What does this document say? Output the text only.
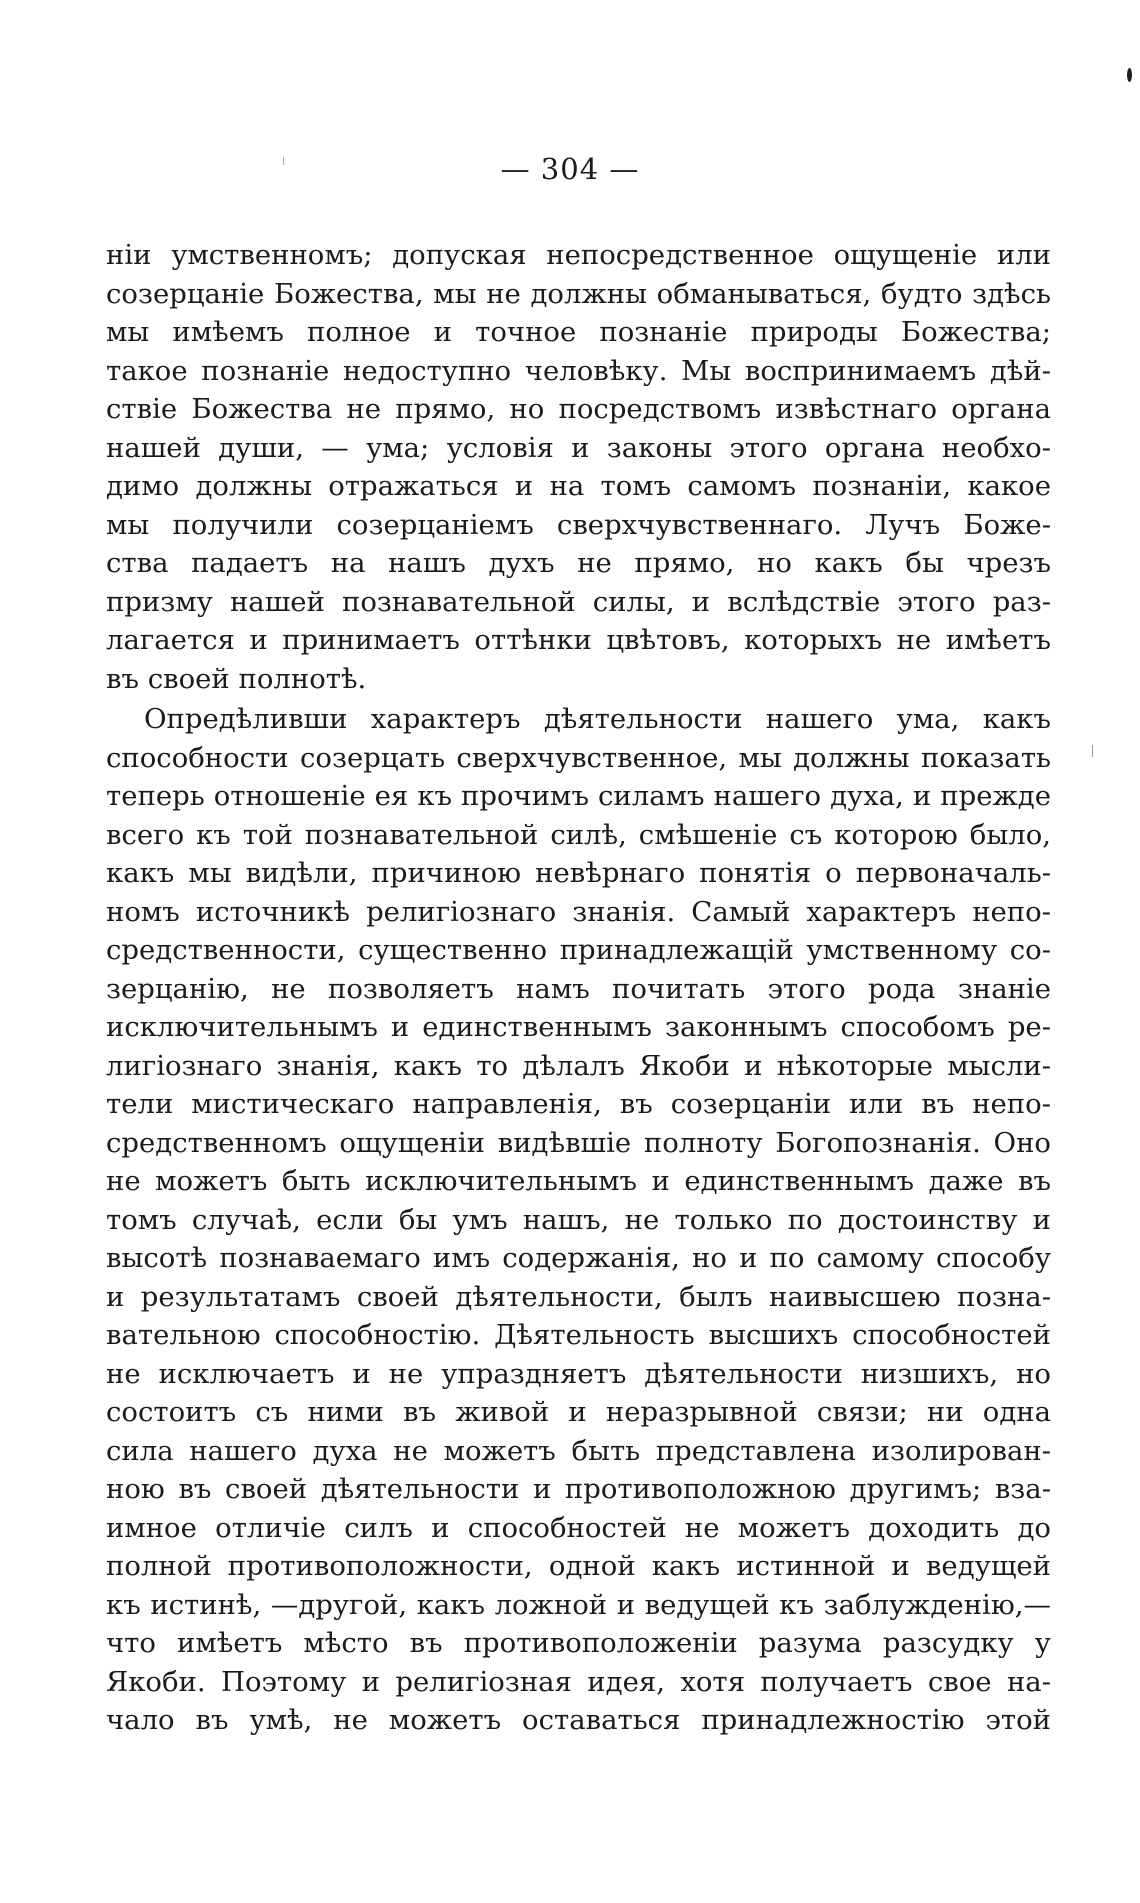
— 304 —
ніи умственномъ; допуская непосредственное ощущеніе или
созерцаніе Божества, мы не должны обманываться, будто здѣсь
мы имѣемъ полное и точное познаніе природы Божества;
такое познаніе недоступно человѣку. Мы воспринимаемъ дѣй-
ствіе Божества не прямо, но посредствомъ извѣстнаго органа
нашей души, — ума; условія и законы этого органа необхо-
димо должны отражаться и на томъ самомъ познаніи, какое
мы получили созерцаніемъ сверхчувственнаго. Лучъ Боже-
ства падаетъ на нашъ духъ не прямо, но какъ бы чрезъ
призму нашей познавательной силы, и вслѣдствіе этого раз-
лагается и принимаетъ оттѣнки цвѣтовъ, которыхъ не имѣетъ
въ своей полнотѣ.
Опредѣливши характеръ дѣятельности нашего ума, какъ
способности созерцать сверхчувственное, мы должны показать
теперь отношеніе ея къ прочимъ силамъ нашего духа, и прежде
всего къ той познавательной силѣ, смѣшеніе съ которою было,
какъ мы видѣли, причиною невѣрнаго понятія о первоначаль-
номъ источникѣ религіознаго знанія. Самый характеръ непо-
средственности, существенно принадлежащій умственному со-
зерцанію, не позволяетъ намъ почитать этого рода знаніе
исключительнымъ и единственнымъ законнымъ способомъ ре-
лигіознаго знанія, какъ то дѣлалъ Якоби и нѣкоторые мысли-
тели мистическаго направленія, въ созерцаніи или въ непо-
средственномъ ощущеніи видѣвшіе полноту Богопознанія. Оно
не можетъ быть исключительнымъ и единственнымъ даже въ
томъ случаѣ, если бы умъ нашъ, не только по достоинству и
высотѣ познаваемаго имъ содержанія, но и по самому способу
и результатамъ своей дѣятельности, былъ наивысшею позна-
вательною способностію. Дѣятельность высшихъ способностей
не исключаетъ и не упраздняетъ дѣятельности низшихъ, но
состоитъ съ ними въ живой и неразрывной связи; ни одна
сила нашего духа не можетъ быть представлена изолирован-
ною въ своей дѣятельности и противоположною другимъ; вза-
имное отличіе силъ и способностей не можетъ доходить до
полной противоположности, одной какъ истинной и ведущей
къ истинѣ, —другой, какъ ложной и ведущей къ заблужденію,—
что имѣетъ мѣсто въ противоположеніи разума разсудку у
Якоби. Поэтому и религіозная идея, хотя получаетъ свое на-
чало въ умѣ, не можетъ оставаться принадлежностію этой
